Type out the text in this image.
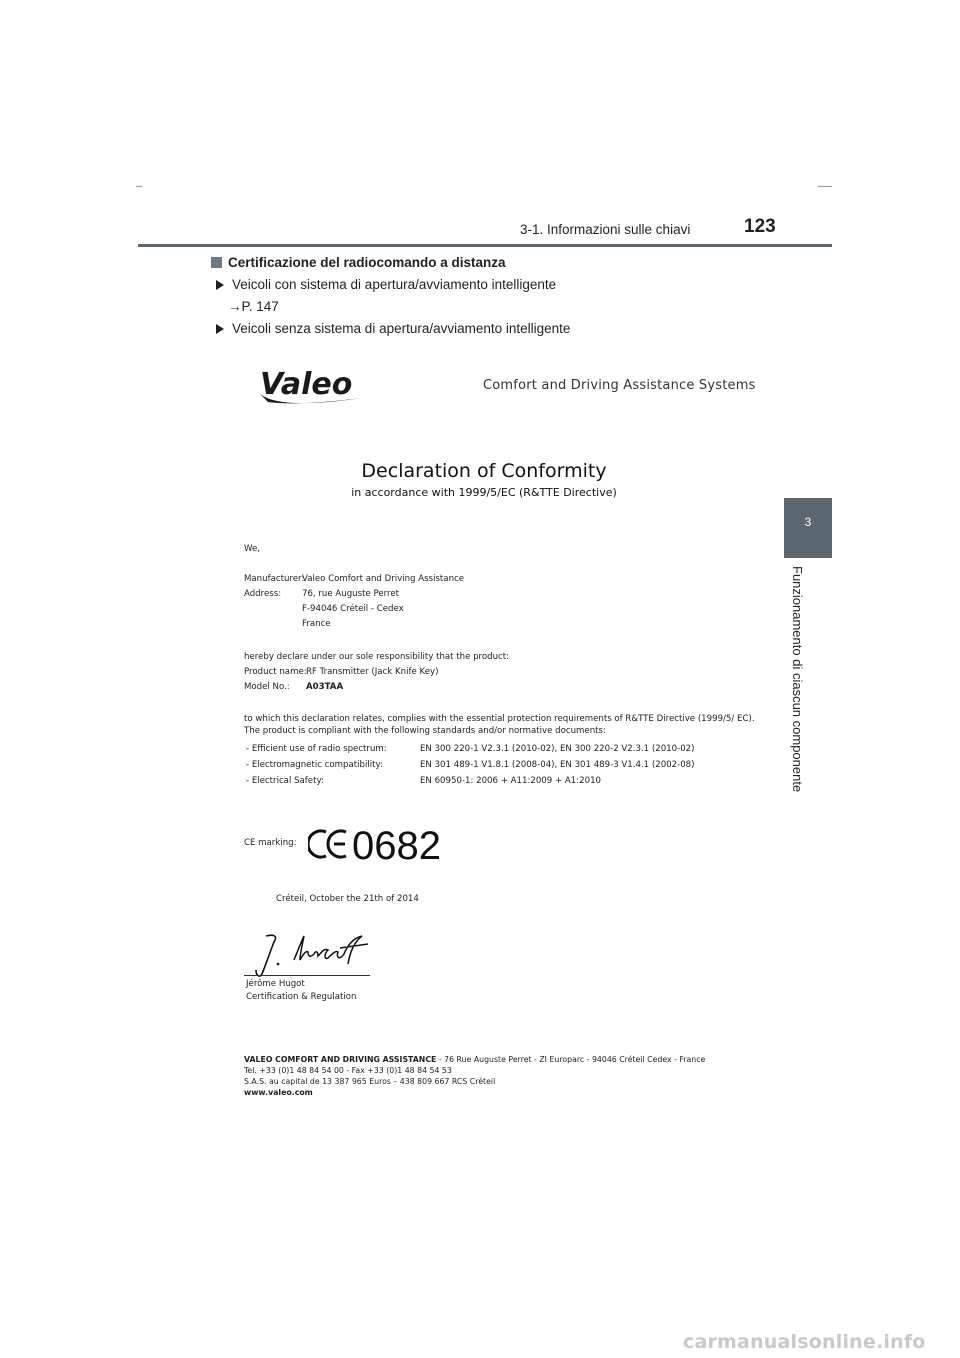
3-1. Informazioni sulle chiavi	123
3
Funzionamento di ciascun componente
Certificazione del radiocomando a distanza
Veicoli con sistema di apertura/avviamento intelligente
→P. 147
Veicoli senza sistema di apertura/avviamento intelligente
Valeo	Comfort and Driving Assistance Systems
Declaration of Conformity
in accordance with 1999/5/EC (R&TTE Directive)
We,
Manufacturer:
Valeo Comfort and Driving Assistance
Address: 76, rue Auguste Perret
F-94046 Créteil - Cedex
France
hereby declare under our sole responsibility that the product:
Product name: RF Transmitter (Jack Knife Key)
Model No.: A03TAA
to which this declaration relates, complies with the essential protection requirements of R&TTE Directive (1999/5/ EC).
The product is compliant with the following standards and/or normative documents:
- Efficient use of radio spectrum:	EN 300 220-1 V2.3.1 (2010-02), EN 300 220-2 V2.3.1 (2010-02)
- Electromagnetic compatibility:	EN 301 489-1 V1.8.1 (2008-04), EN 301 489-3 V1.4.1 (2002-08)
- Electrical Safety:	EN 60950-1: 2006 + A11:2009 + A1:2010
CE marking: 0682
Créteil, October the 21th of 2014
Jérôme Hugot
Certification & Regulation
VALEO COMFORT AND DRIVING ASSISTANCE - 76 Rue Auguste Perret - ZI Europarc - 94046 Créteil Cedex - France
Tel. +33 (0)1 48 84 54 00 - Fax +33 (0)1 48 84 54 53
S.A.S. au capital de 13 387 965 Euros – 438 809 667 RCS Créteil
www.valeo.com
carmanualsonline.info
